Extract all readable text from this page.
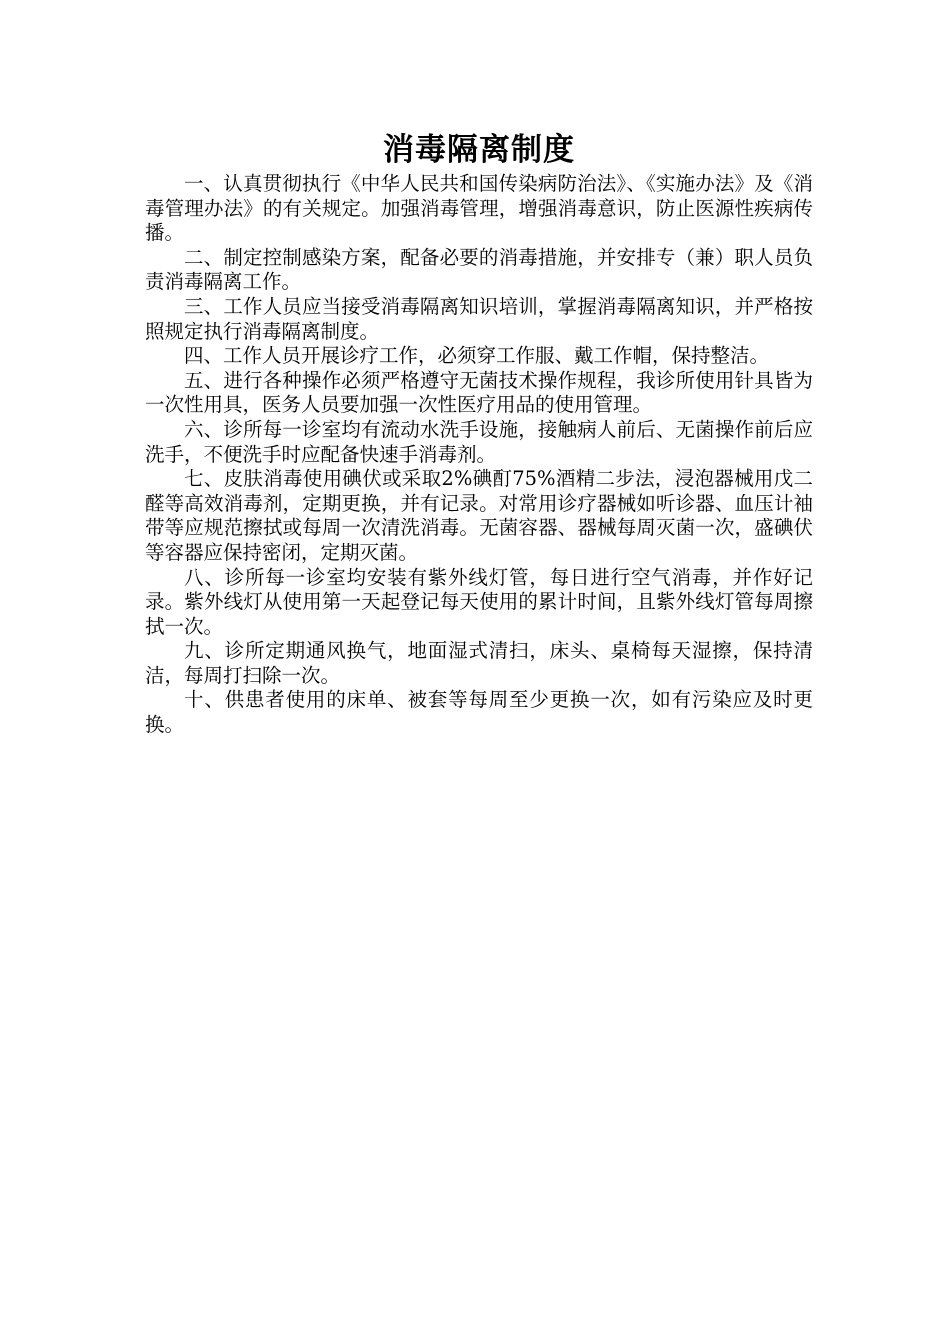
消毒隔离制度

一、认真贯彻执行《中华人民共和国传染病防治法》、《实施办法》及《消毒管理办法》的有关规定。加强消毒管理，增强消毒意识，防止医源性疾病传播。

二、制定控制感染方案，配备必要的消毒措施，并安排专（兼）职人员负责消毒隔离工作。

三、工作人员应当接受消毒隔离知识培训，掌握消毒隔离知识，并严格按照规定执行消毒隔离制度。

四、工作人员开展诊疗工作，必须穿工作服、戴工作帽，保持整洁。

五、进行各种操作必须严格遵守无菌技术操作规程，我诊所使用针具皆为一次性用具，医务人员要加强一次性医疗用品的使用管理。

六、诊所每一诊室均有流动水洗手设施，接触病人前后、无菌操作前后应洗手，不便洗手时应配备快速手消毒剂。

七、皮肤消毒使用碘伏或采取2%碘酊75%酒精二步法，浸泡器械用戊二醛等高效消毒剂，定期更换，并有记录。对常用诊疗器械如听诊器、血压计袖带等应规范擦拭或每周一次清洗消毒。无菌容器、器械每周灭菌一次，盛碘伏等容器应保持密闭，定期灭菌。

八、诊所每一诊室均安装有紫外线灯管，每日进行空气消毒，并作好记录。紫外线灯从使用第一天起登记每天使用的累计时间，且紫外线灯管每周擦拭一次。

九、诊所定期通风换气，地面湿式清扫，床头、桌椅每天湿擦，保持清洁，每周打扫除一次。

十、供患者使用的床单、被套等每周至少更换一次，如有污染应及时更换。
